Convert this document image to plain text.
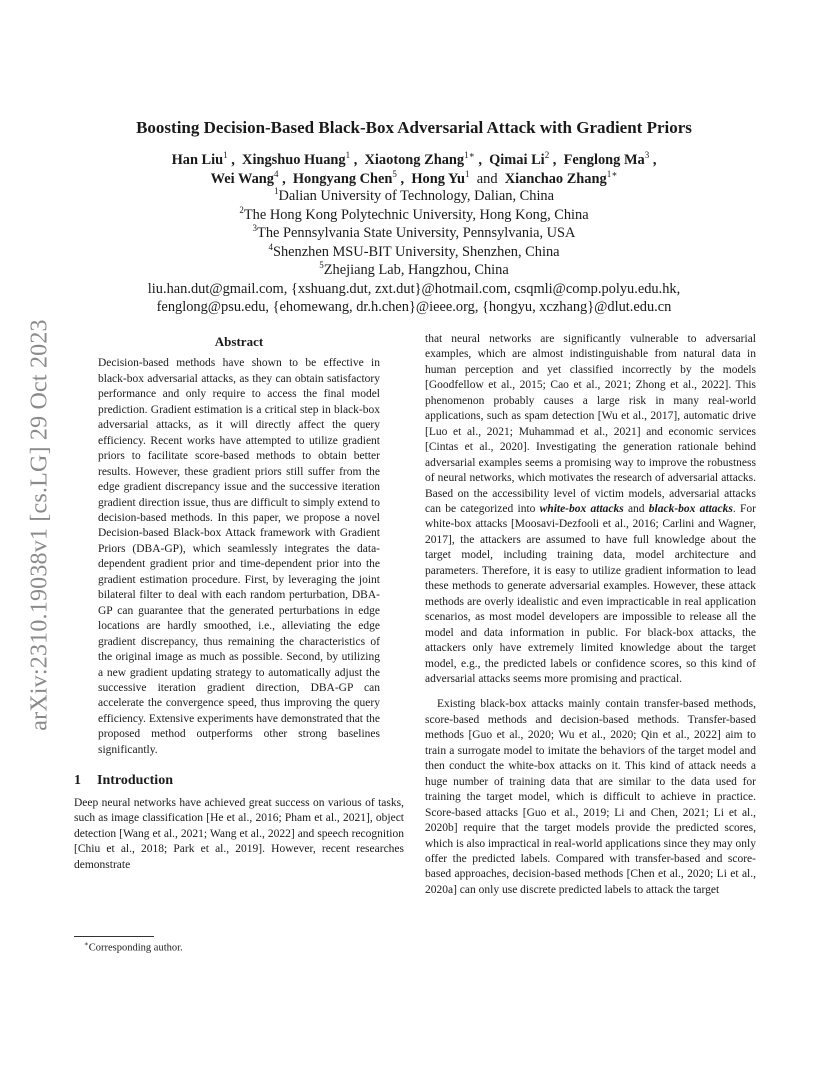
arXiv:2310.19038v1 [cs.LG] 29 Oct 2023
Boosting Decision-Based Black-Box Adversarial Attack with Gradient Priors
Han Liu$^1$ ,  Xingshuo Huang$^1$ ,  Xiaotong Zhang$^{1∗}$ ,  Qimai Li$^2$ ,  Fenglong Ma$^3$ ,
Wei Wang$^4$ ,  Hongyang Chen$^5$ ,  Hong Yu$^1$ and Xianchao Zhang$^{1∗}$
$^1$Dalian University of Technology, Dalian, China
$^2$The Hong Kong Polytechnic University, Hong Kong, China
$^3$The Pennsylvania State University, Pennsylvania, USA
$^4$Shenzhen MSU-BIT University, Shenzhen, China
$^5$Zhejiang Lab, Hangzhou, China
liu.han.dut@gmail.com, {xshuang.dut, zxt.dut}@hotmail.com, csqmli@comp.polyu.edu.hk,
fenglong@psu.edu, {ehomewang, dr.h.chen}@ieee.org, {hongyu, xczhang}@dlut.edu.cn
Abstract

Decision-based methods have shown to be effective in black-box adversarial attacks, as they can obtain satisfactory performance and only require to access the final model prediction. Gradient estimation is a critical step in black-box adversarial attacks, as it will directly affect the query efficiency. Recent works have attempted to utilize gradient priors to facilitate score-based methods to obtain better results. However, these gradient priors still suffer from the edge gradient discrepancy issue and the successive iteration gradient direction issue, thus are difficult to simply extend to decision-based methods. In this paper, we propose a novel Decision-based Black-box Attack framework with Gradient Priors (DBA-GP), which seamlessly integrates the data-dependent gradient prior and time-dependent prior into the gradient estimation procedure. First, by leveraging the joint bilateral filter to deal with each random perturbation, DBA-GP can guarantee that the generated perturbations in edge locations are hardly smoothed, i.e., alleviating the edge gradient discrepancy, thus remaining the characteristics of the original image as much as possible. Second, by utilizing a new gradient updating strategy to automatically adjust the successive iteration gradient direction, DBA-GP can accelerate the convergence speed, thus improving the query efficiency. Extensive experiments have demonstrated that the proposed method outperforms other strong baselines significantly.

1 Introduction

Deep neural networks have achieved great success on various of tasks, such as image classification [He et al., 2016; Pham et al., 2021], object detection [Wang et al., 2021; Wang et al., 2022] and speech recognition [Chiu et al., 2018; Park et al., 2019]. However, recent researches demonstrate

that neural networks are significantly vulnerable to adversarial examples, which are almost indistinguishable from natural data in human perception and yet classified incorrectly by the models [Goodfellow et al., 2015; Cao et al., 2021; Zhong et al., 2022]. This phenomenon probably causes a large risk in many real-world applications, such as spam detection [Wu et al., 2017], automatic drive [Luo et al., 2021; Muhammad et al., 2021] and economic services [Cintas et al., 2020]. Investigating the generation rationale behind adversarial examples seems a promising way to improve the robustness of neural networks, which motivates the research of adversarial attacks. Based on the accessibility level of victim models, adversarial attacks can be categorized into white-box attacks and black-box attacks. For white-box attacks [Moosavi-Dezfooli et al., 2016; Carlini and Wagner, 2017], the attackers are assumed to have full knowledge about the target model, including training data, model architecture and parameters. Therefore, it is easy to utilize gradient information to lead these methods to generate adversarial examples. However, these attack methods are overly idealistic and even impracticable in real application scenarios, as most model developers are impossible to release all the model and data information in public. For black-box attacks, the attackers only have extremely limited knowledge about the target model, e.g., the predicted labels or confidence scores, so this kind of adversarial attacks seems more promising and practical.

Existing black-box attacks mainly contain transfer-based methods, score-based methods and decision-based methods. Transfer-based methods [Guo et al., 2020; Wu et al., 2020; Qin et al., 2022] aim to train a surrogate model to imitate the behaviors of the target model and then conduct the white-box attacks on it. This kind of attack needs a huge number of training data that are similar to the data used for training the target model, which is difficult to achieve in practice. Score-based attacks [Guo et al., 2019; Li and Chen, 2021; Li et al., 2020b] require that the target models provide the predicted scores, which is also impractical in real-world applications since they may only offer the predicted labels. Compared with transfer-based and score-based approaches, decision-based methods [Chen et al., 2020; Li et al., 2020a] can only use discrete predicted labels to attack the target

∗Corresponding author.
